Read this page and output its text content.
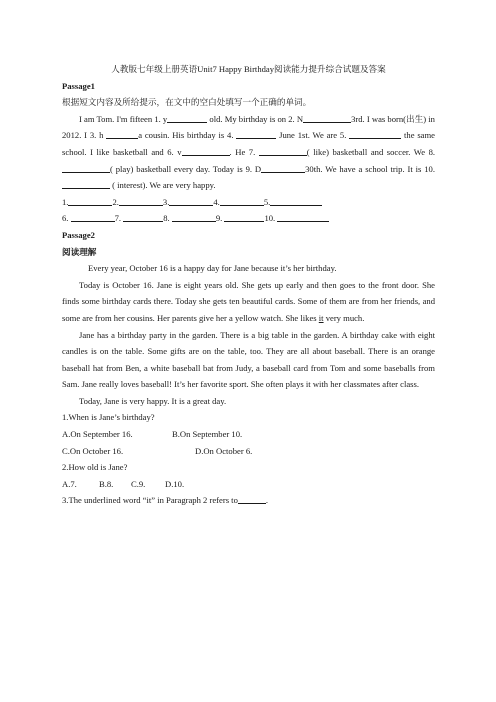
人教版七年级上册英语Unit7 Happy Birthday阅读能力提升综合试题及答案

Passage1

根据短文内容及所给提示，在文中的空白处填写一个正确的单词。

I am Tom. I'm fifteen 1. y	old. My birthday is on 2. N	3rd. I was born(出生) in 2012. I 3. h	a cousin. His birthday is 4.	June 1st. We are 5.	the same school. I like basketball and 6. v	. He 7.	( like) basketball and soccer. We 8. ( play) basketball every day. Today is 9. D	30th. We have a school trip. It is 10.  ( interest). We are very happy.

1.	2.	3.	4.	5.

6.	7.	8.	9.	10.

Passage2

阅读理解

Every year, October 16 is a happy day for Jane because it’s her birthday.

Today is October 16. Jane is eight years old. She gets up early and then goes to the front door. She finds some birthday cards there. Today she gets ten beautiful cards. Some of them are from her friends, and some are from her cousins. Her parents give her a yellow watch. She likes it very much.

Jane has a birthday party in the garden. There is a big table in the garden. A birthday cake with eight candles is on the table. Some gifts are on the table, too. They are all about baseball. There is an orange baseball hat from Ben, a white baseball bat from Judy, a baseball card from Tom and some baseballs from Sam. Jane really loves baseball! It’s her favorite sport. She often plays it with her classmates after class.

Today, Jane is very happy. It is a great day.

1.When is Jane’s birthday?

A.On September 16.	B.On September 10.

C.On October 16.	D.On October 6.

2.How old is Jane?

A.7.	B.8. C.9. D.10.

3.The underlined word “it” in Paragraph 2 refers to	.
